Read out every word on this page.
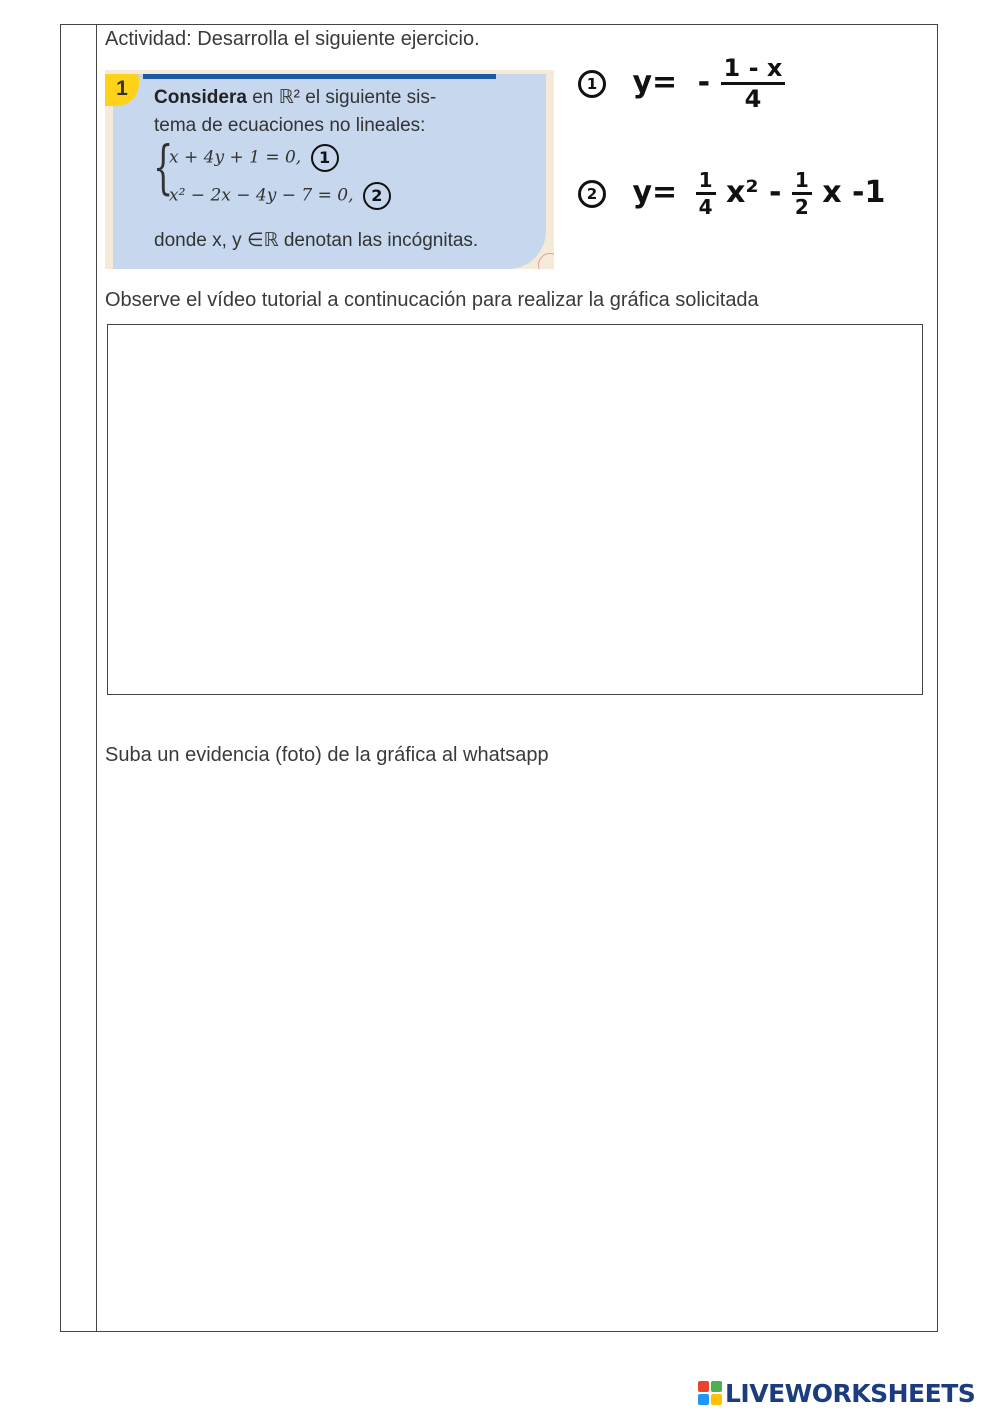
Actividad: Desarrolla el siguiente ejercicio.
1	Considera en ℝ² el siguiente sis-
tema de ecuaciones no lineales:
{
x + 4y + 1 = 0, 1
x² − 2x − 4y − 7 = 0, 2
donde x, y ∈ℝ denotan las incógnitas.
1 $y= - \frac{1 - x}{4}$
2 $y= \frac{1}{4} x^2 - \frac{1}{2}$ x -1
Observe el vídeo tutorial a continucación para realizar la gráfica solicitada
Suba un evidencia (foto) de la gráfica al whatsapp
LIVEWORKSHEETS
